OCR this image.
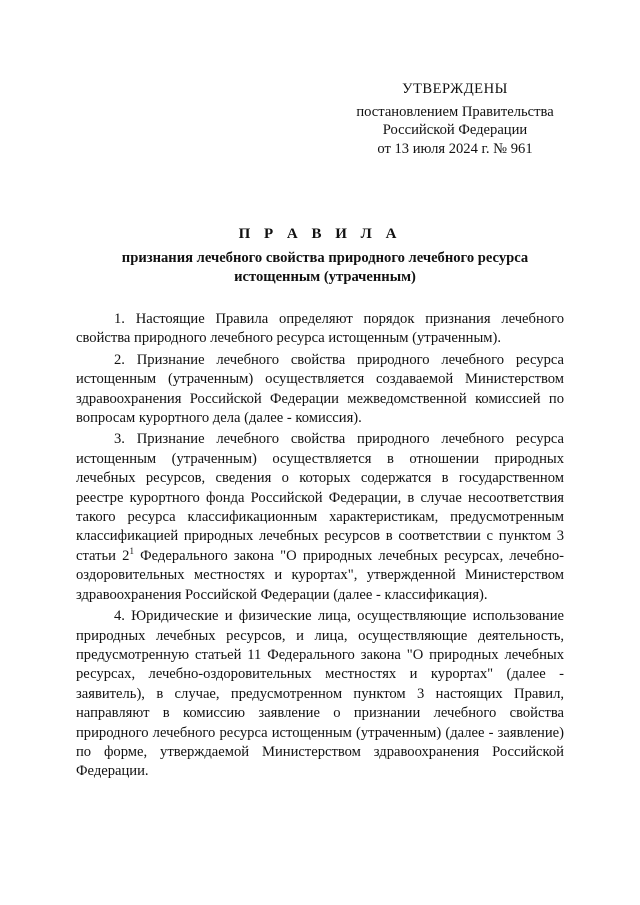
УТВЕРЖДЕНЫ
постановлением Правительства
Российской Федерации
от 13 июля 2024 г. № 961
П Р А В И Л А
признания лечебного свойства природного лечебного ресурса истощенным (утраченным)

1. Настоящие Правила определяют порядок признания лечебного свойства природного лечебного ресурса истощенным (утраченным).

2. Признание лечебного свойства природного лечебного ресурса истощенным (утраченным) осуществляется создаваемой Министерством здравоохранения Российской Федерации межведомственной комиссией по вопросам курортного дела (далее - комиссия).

3. Признание лечебного свойства природного лечебного ресурса истощенным (утраченным) осуществляется в отношении природных лечебных ресурсов, сведения о которых содержатся в государственном реестре курортного фонда Российской Федерации, в случае несоответствия такого ресурса классификационным характеристикам, предусмотренным классификацией природных лечебных ресурсов в соответствии с пунктом 3 статьи $2^1$ Федерального закона "О природных лечебных ресурсах, лечебно-оздоровительных местностях и курортах", утвержденной Министерством здравоохранения Российской Федерации (далее - классификация).

4. Юридические и физические лица, осуществляющие использование природных лечебных ресурсов, и лица, осуществляющие деятельность, предусмотренную статьей 11 Федерального закона "О природных лечебных ресурсах, лечебно-оздоровительных местностях и курортах" (далее - заявитель), в случае, предусмотренном пунктом 3 настоящих Правил, направляют в комиссию заявление о признании лечебного свойства природного лечебного ресурса истощенным (утраченным) (далее - заявление) по форме, утверждаемой Министерством здравоохранения Российской Федерации.
